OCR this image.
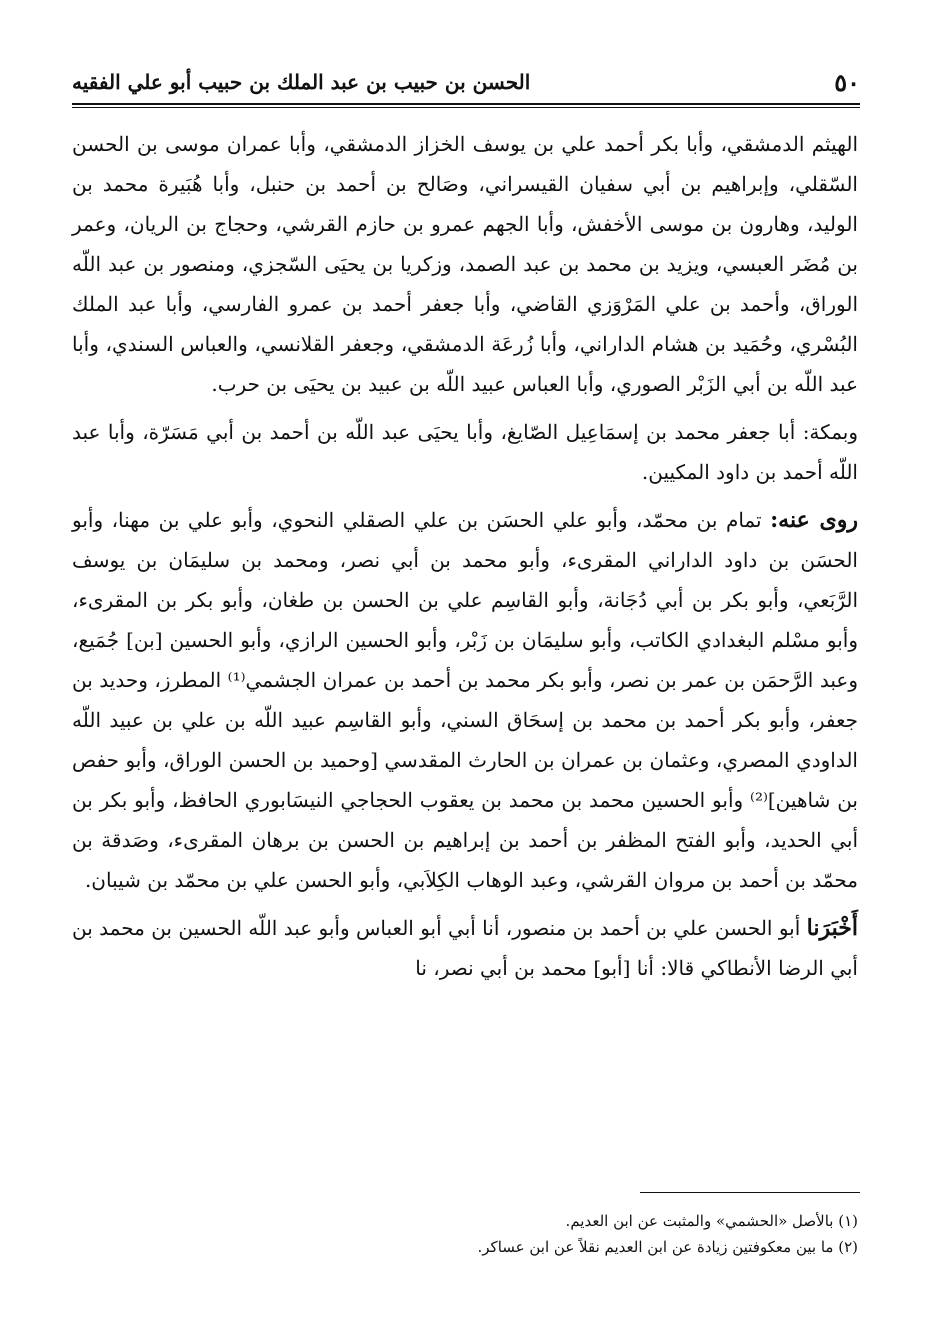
٥٠
الحسن بن حبيب بن عبد الملك بن حبيب أبو علي الفقيه

الهيثم الدمشقي، وأبا بكر أحمد علي بن يوسف الخزاز الدمشقي، وأبا عمران موسى بن الحسن السّقلي، وإبراهيم بن أبي سفيان القيسراني، وصَالح بن أحمد بن حنبل، وأبا هُبَيرة محمد بن الوليد، وهارون بن موسى الأخفش، وأبا الجهم عمرو بن حازم القرشي، وحجاج بن الريان، وعمر بن مُضَر العبسي، ويزيد بن محمد بن عبد الصمد، وزكريا بن يحيَى السّجزي، ومنصور بن عبد اللّه الوراق، وأحمد بن علي المَرْوَزي القاضي، وأبا جعفر أحمد بن عمرو الفارسي، وأبا عبد الملك البُسْري، وحُمَيد بن هشام الداراني، وأبا زُرعَة الدمشقي، وجعفر القلانسي، والعباس السندي، وأبا عبد اللّه بن أبي الزَبْر الصوري، وأبا العباس عبيد اللّه بن عبيد بن يحيَى بن حرب.

وبمكة: أبا جعفر محمد بن إسمَاعِيل الصّايغ، وأبا يحيَى عبد اللّه بن أحمد بن أبي مَسَرّة، وأبا عبد اللّه أحمد بن داود المكيين.

روى عنه: تمام بن محمّد، وأبو علي الحسَن بن علي الصقلي النحوي، وأبو علي بن مهنا، وأبو الحسَن بن داود الداراني المقرىء، وأبو محمد بن أبي نصر، ومحمد بن سليمَان بن يوسف الرَّبَعي، وأبو بكر بن أبي دُجَانة، وأبو القاسِم علي بن الحسن بن طغان، وأبو بكر بن المقرىء، وأبو مسْلم البغدادي الكاتب، وأبو سليمَان بن زَبْر، وأبو الحسين الرازي، وأبو الحسين [بن] جُمَيع، وعبد الرَّحمَن بن عمر بن نصر، وأبو بكر محمد بن أحمد بن عمران الجشمي⁽¹⁾ المطرز، وحديد بن جعفر، وأبو بكر أحمد بن محمد بن إسحَاق السني، وأبو القاسِم عبيد اللّه بن علي بن عبيد اللّه الداودي المصري، وعثمان بن عمران بن الحارث المقدسي [وحميد بن الحسن الوراق، وأبو حفص بن شاهين]⁽²⁾ وأبو الحسين محمد بن محمد بن يعقوب الحجاجي النيسَابوري الحافظ، وأبو بكر بن أبي الحديد، وأبو الفتح المظفر بن أحمد بن إبراهيم بن الحسن بن برهان المقرىء، وصَدقة بن محمّد بن أحمد بن مروان القرشي، وعبد الوهاب الكِلاَبي، وأبو الحسن علي بن محمّد بن شيبان.

أَخْبَرَنا أبو الحسن علي بن أحمد بن منصور، أنا أبي أبو العباس وأبو عبد اللّه الحسين بن محمد بن أبي الرضا الأنطاكي قالا: أنا [أبو] محمد بن أبي نصر، نا

(١) بالأصل «الحشمي» والمثبت عن ابن العديم.

(٢) ما بين معكوفتين زيادة عن ابن العديم نقلاً عن ابن عساكر.
